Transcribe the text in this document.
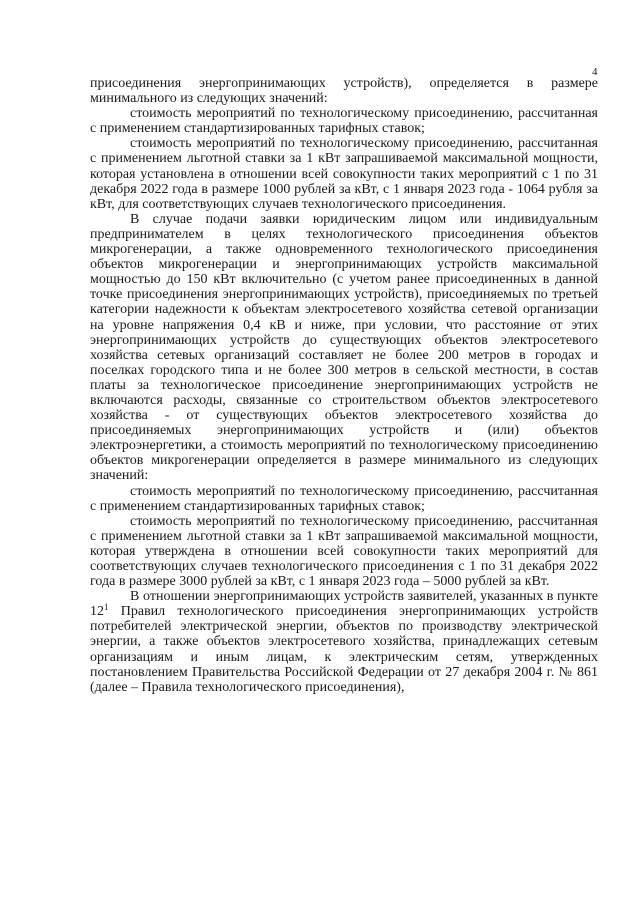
4

присоединения энергопринимающих устройств), определяется в размере минимального из следующих значений:

стоимость мероприятий по технологическому присоединению, рассчитанная с применением стандартизированных тарифных ставок;

стоимость мероприятий по технологическому присоединению, рассчитанная с применением льготной ставки за 1 кВт запрашиваемой максимальной мощности, которая установлена в отношении всей совокупности таких мероприятий с 1 по 31 декабря 2022 года в размере 1000 рублей за кВт, с 1 января 2023 года - 1064 рубля за кВт, для соответствующих случаев технологического присоединения.

В случае подачи заявки юридическим лицом или индивидуальным предпринимателем в целях технологического присоединения объектов микрогенерации, а также одновременного технологического присоединения объектов микрогенерации и энергопринимающих устройств максимальной мощностью до 150 кВт включительно (с учетом ранее присоединенных в данной точке присоединения энергопринимающих устройств), присоединяемых по третьей категории надежности к объектам электросетевого хозяйства сетевой организации на уровне напряжения 0,4 кВ и ниже, при условии, что расстояние от этих энергопринимающих устройств до существующих объектов электросетевого хозяйства сетевых организаций составляет не более 200 метров в городах и поселках городского типа и не более 300 метров в сельской местности, в состав платы за технологическое присоединение энергопринимающих устройств не включаются расходы, связанные со строительством объектов электросетевого хозяйства - от существующих объектов электросетевого хозяйства до присоединяемых энергопринимающих устройств и (или) объектов электроэнергетики, а стоимость мероприятий по технологическому присоединению объектов микрогенерации определяется в размере минимального из следующих значений:

стоимость мероприятий по технологическому присоединению, рассчитанная с применением стандартизированных тарифных ставок;

стоимость мероприятий по технологическому присоединению, рассчитанная с применением льготной ставки за 1 кВт запрашиваемой максимальной мощности, которая утверждена в отношении всей совокупности таких мероприятий для соответствующих случаев технологического присоединения с 1 по 31 декабря 2022 года в размере 3000 рублей за кВт, с 1 января 2023 года – 5000 рублей за кВт.

В отношении энергопринимающих устройств заявителей, указанных в пункте $12^1$ Правил технологического присоединения энергопринимающих устройств потребителей электрической энергии, объектов по производству электрической энергии, а также объектов электросетевого хозяйства, принадлежащих сетевым организациям и иным лицам, к электрическим сетям, утвержденных постановлением Правительства Российской Федерации от 27 декабря 2004 г. № 861 (далее – Правила технологического присоединения),
